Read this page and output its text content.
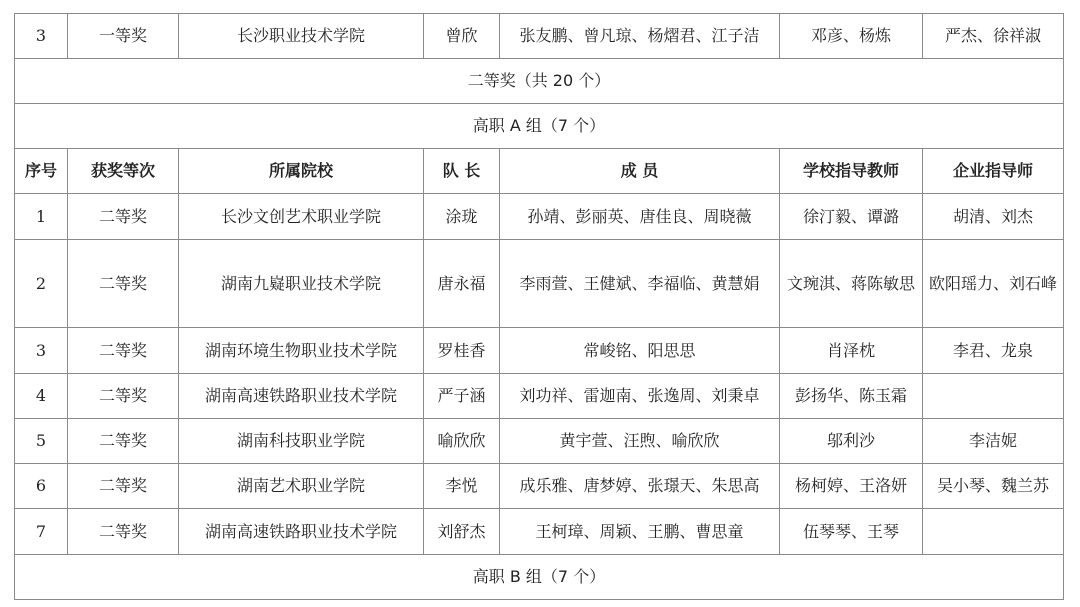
3	一等奖	长沙职业技术学院	曾欣	张友鹏、曾凡琼、杨熠君、江子洁	邓彦、杨炼	严杰、徐祥淑
二等奖（共 20 个）						
高职 A 组（7 个）						
序号	获奖等次	所属院校	队 长	成 员	学校指导教师	企业指导师
1	二等奖	长沙文创艺术职业学院	涂珑	孙靖、彭丽英、唐佳良、周晓薇	徐汀毅、谭潞	胡清、刘杰
2	二等奖	湖南九嶷职业技术学院	唐永福	李雨萱、王健斌、李福临、黄慧娟	文琬淇、蒋陈敏思	欧阳瑶力、刘石峰
3	二等奖	湖南环境生物职业技术学院	罗桂香	常峻铭、阳思思	肖泽枕	李君、龙泉
4	二等奖	湖南高速铁路职业技术学院	严子涵	刘功祥、雷迦南、张逸周、刘秉卓	彭扬华、陈玉霜	
5	二等奖	湖南科技职业学院	喻欣欣	黄宇萱、汪煦、喻欣欣	邬利沙	李洁妮
6	二等奖	湖南艺术职业学院	李悦	成乐雅、唐梦婷、张璟天、朱思高	杨柯婷、王洛妍	吴小琴、魏兰苏
7	二等奖	湖南高速铁路职业技术学院	刘舒杰	王柯璋、周颖、王鹏、曹思童	伍琴琴、王琴	
高职 B 组（7 个）						
